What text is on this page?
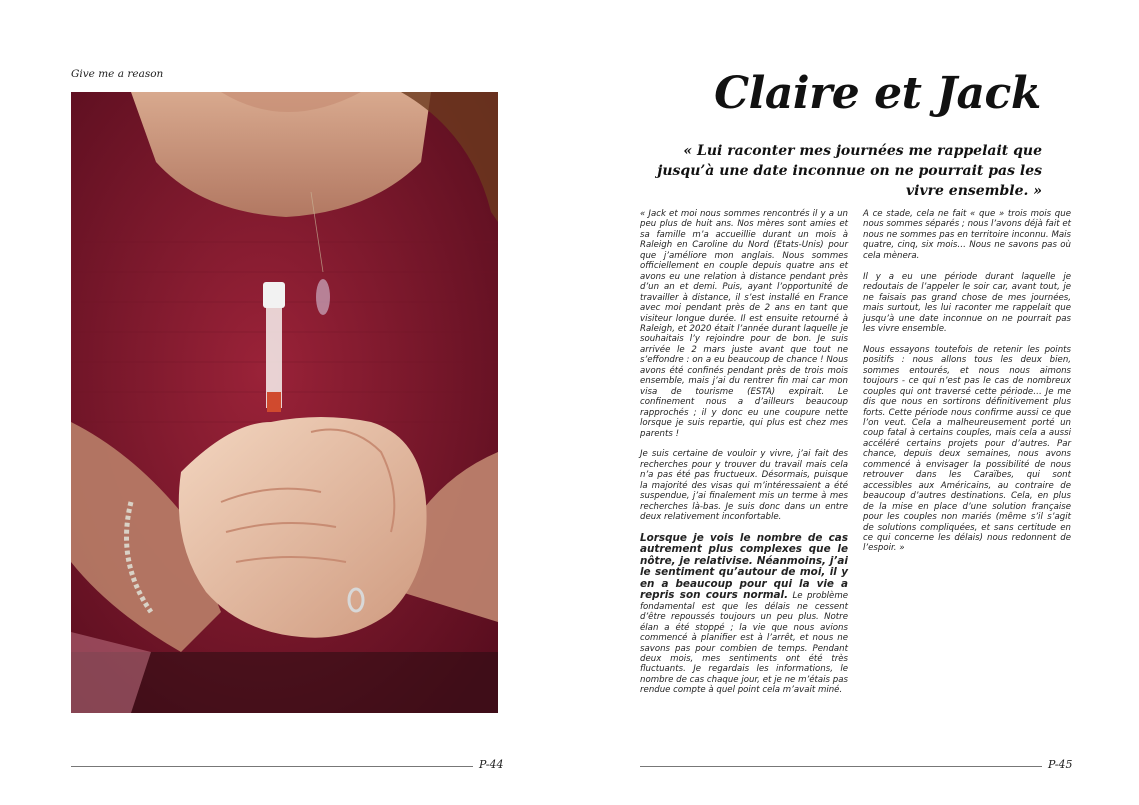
Give me a reason
P-44
Claire et Jack
« Lui raconter mes journées me rappelait que jusqu’à une date inconnue on ne pourrait pas les vivre ensemble. »

« Jack et moi nous sommes rencontrés il y a un peu plus de huit ans. Nos mères sont amies et sa famille m’a accueillie durant un mois à Raleigh en Caroline du Nord (Etats-Unis) pour que j’améliore mon anglais. Nous sommes officiellement en couple depuis quatre ans et avons eu une relation à distance pendant près d’un an et demi. Puis, ayant l’opportunité de travailler à distance, il s’est installé en France avec moi pendant près de 2 ans en tant que visiteur longue durée. Il est ensuite retourné à Raleigh, et 2020 était l’année durant laquelle je souhaitais l’y rejoindre pour de bon. Je suis arrivée le 2 mars juste avant que tout ne s’effondre : on a eu beaucoup de chance ! Nous avons été confinés pendant près de trois mois ensemble, mais j’ai du rentrer fin mai car mon visa de tourisme (ESTA) expirait. Le confinement nous a d’ailleurs beaucoup rapprochés ; il y donc eu une coupure nette lorsque je suis repartie, qui plus est chez mes parents !

Je suis certaine de vouloir y vivre, j’ai fait des recherches pour y trouver du travail mais cela n’a pas été pas fructueux. Désormais, puisque la majorité des visas qui m’intéressaient a été suspendue, j’ai finalement mis un terme à mes recherches là-bas. Je suis donc dans un entre deux relativement inconfortable.

Lorsque je vois le nombre de cas autrement plus complexes que le nôtre, je relativise. Néanmoins, j’ai le sentiment qu’autour de moi, il y en a beaucoup pour qui la vie a repris son cours normal. Le problème fondamental est que les délais ne cessent d’être repoussés toujours un peu plus. Notre élan a été stoppé ; la vie que nous avions commencé à planifier est à l’arrêt, et nous ne savons pas pour combien de temps. Pendant deux mois, mes sentiments ont été très fluctuants. Je regardais les informations, le nombre de cas chaque jour, et je ne m’étais pas rendue compte à quel point cela m’avait miné.

A ce stade, cela ne fait « que » trois mois que nous sommes séparés ; nous l’avons déjà fait et nous ne sommes pas en territoire inconnu. Mais quatre, cinq, six mois… Nous ne savons pas où cela mènera.

Il y a eu une période durant laquelle je redoutais de l’appeler le soir car, avant tout, je ne faisais pas grand chose de mes journées, mais surtout, les lui raconter me rappelait que jusqu’à une date inconnue on ne pourrait pas les vivre ensemble.

Nous essayons toutefois de retenir les points positifs : nous allons tous les deux bien, sommes entourés, et nous nous aimons toujours - ce qui n’est pas le cas de nombreux couples qui ont traversé cette période… Je me dis que nous en sortirons définitivement plus forts. Cette période nous confirme aussi ce que l’on veut. Cela a malheureusement porté un coup fatal à certains couples, mais cela a aussi accéléré certains projets pour d’autres. Par chance, depuis deux semaines, nous avons commencé à envisager la possibilité de nous retrouver dans les Caraïbes, qui sont accessibles aux Américains, au contraire de beaucoup d’autres destinations. Cela, en plus de la mise en place d’une solution française pour les couples non mariés (même s’il s’agit de solutions compliquées, et sans certitude en ce qui concerne les délais) nous redonnent de l’espoir. »

P-45
